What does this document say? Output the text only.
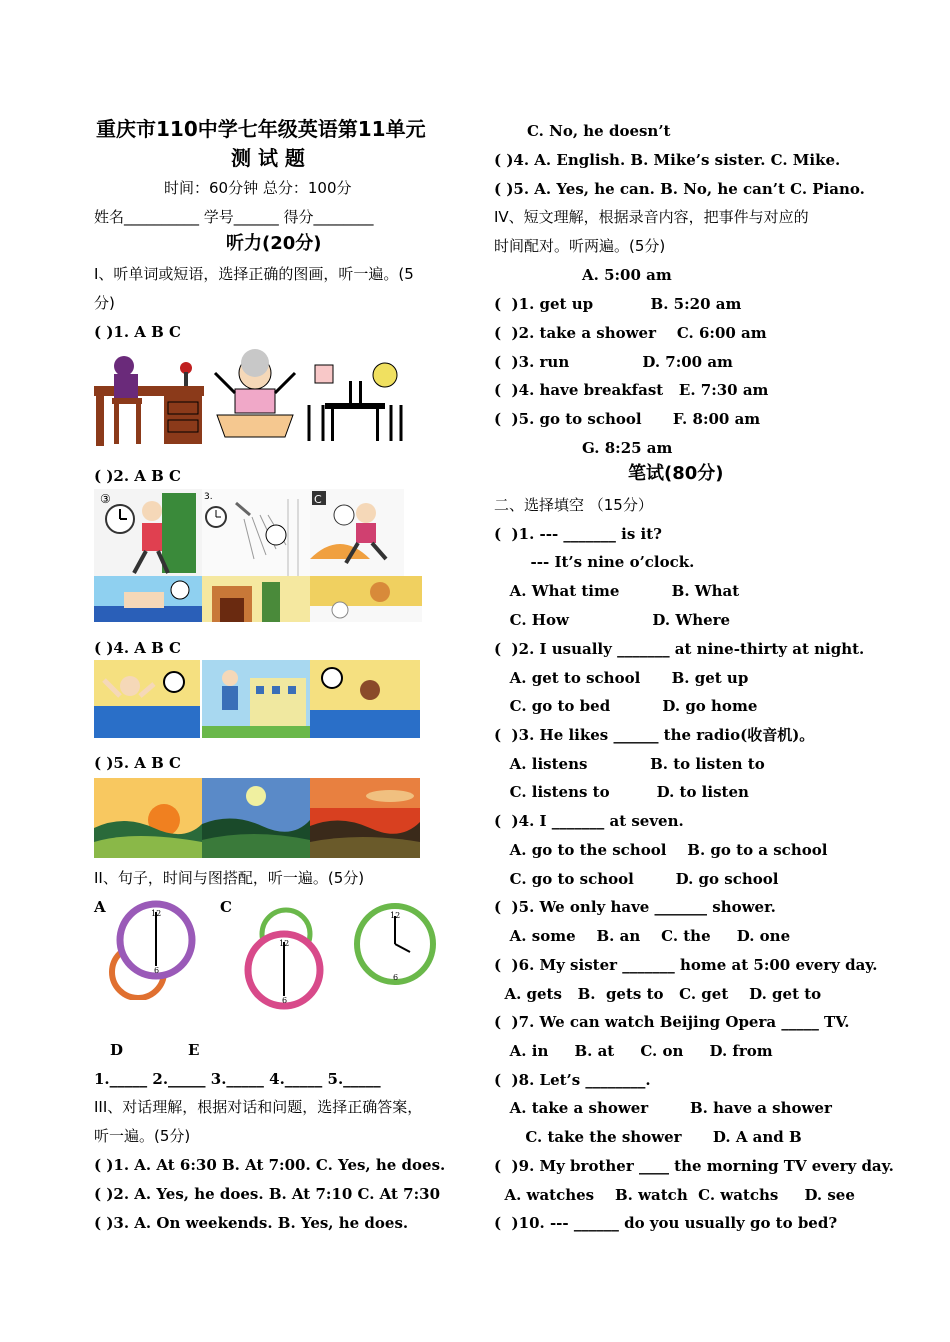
重庆市110中学七年级英语第11单元
测 试 题
时间：60分钟 总分：100分
姓名__________ 学号______ 得分________
听力(20分)
I、听单词或短语，选择正确的图画，听一遍。(5
分)
( )1. A B C
( )2. A B C
③	3.	C
( )4. A B C
( )5. A B C
II、句子，时间与图搭配，听一遍。(5分)
A	C
12
6
12
6
12
6
D	E
1._____ 2._____ 3._____ 4._____ 5._____
III、对话理解，根据对话和问题，选择正确答案，
听一遍。(5分)
( )1. A. At 6:30 B. At 7:00. C. Yes, he does.
( )2. A. Yes, he does. B. At 7:10 C. At 7:30
( )3. A. On weekends. B. Yes, he does.
C. No, he doesn’t
( )4. A. English. B. Mike’s sister. C. Mike.
( )5. A. Yes, he can. B. No, he can’t C. Piano.
IV、短文理解，根据录音内容，把事件与对应的
时间配对。听两遍。(5分)
A. 5:00 am
(  )1. get up           B. 5:20 am
(  )2. take a shower    C. 6:00 am
(  )3. run              D. 7:00 am
(  )4. have breakfast   E. 7:30 am
(  )5. go to school      F. 8:00 am
G. 8:25 am
笔试(80分)
二、选择填空 （15分）
(  )1. --- _______ is it?
--- It’s nine o’clock.
A. What time          B. What
C. How                D. Where
(  )2. I usually _______ at nine-thirty at night.
A. get to school      B. get up
C. go to bed          D. go home
(  )3. He likes ______ the radio(收音机)。
A. listens            B. to listen to
C. listens to         D. to listen
(  )4. I _______ at seven.
A. go to the school    B. go to a school
C. go to school        D. go school
(  )5. We only have _______ shower.
A. some    B. an    C. the     D. one
(  )6. My sister _______ home at 5:00 every day.
A. gets   B.  gets to   C. get    D. get to
(  )7. We can watch Beijing Opera _____ TV.
A. in     B. at     C. on     D. from
(  )8. Let’s ________.
A. take a shower        B. have a shower
C. take the shower      D. A and B
(  )9. My brother ____ the morning TV every day.
A. watches    B. watch  C. watchs     D. see
(  )10. --- ______ do you usually go to bed?
